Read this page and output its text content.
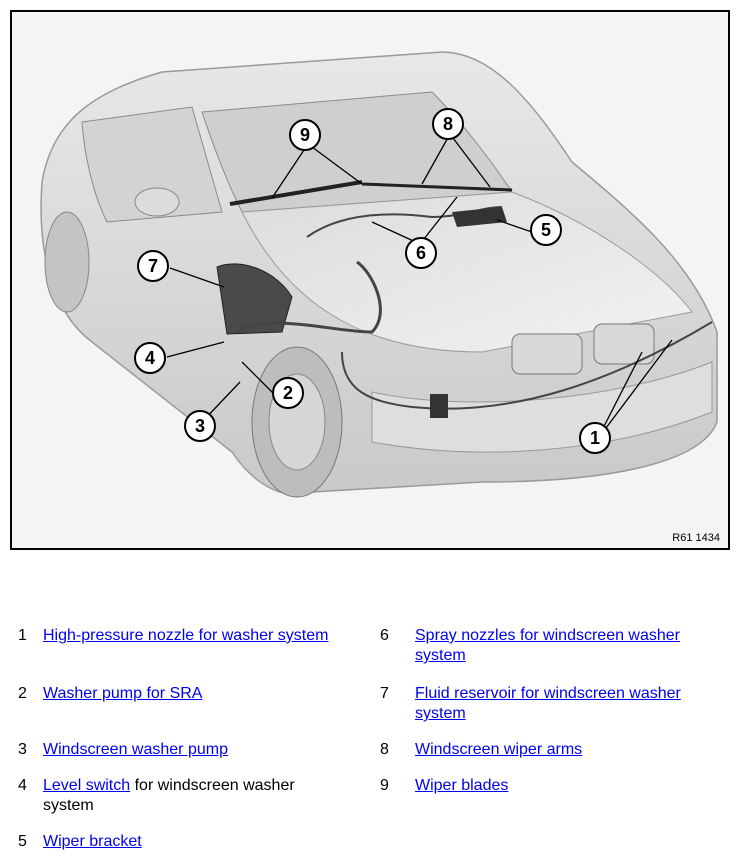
1
2
3
4
5
6
7
8
9
R61 1434
1	High-pressure nozzle for washer system
2	Washer pump for SRA
3	Windscreen washer pump
4	Level switch for windscreen washer system
5	Wiper bracket
6	Spray nozzles for windscreen washer system
7	Fluid reservoir for windscreen washer system
8	Windscreen wiper arms
9	Wiper blades
